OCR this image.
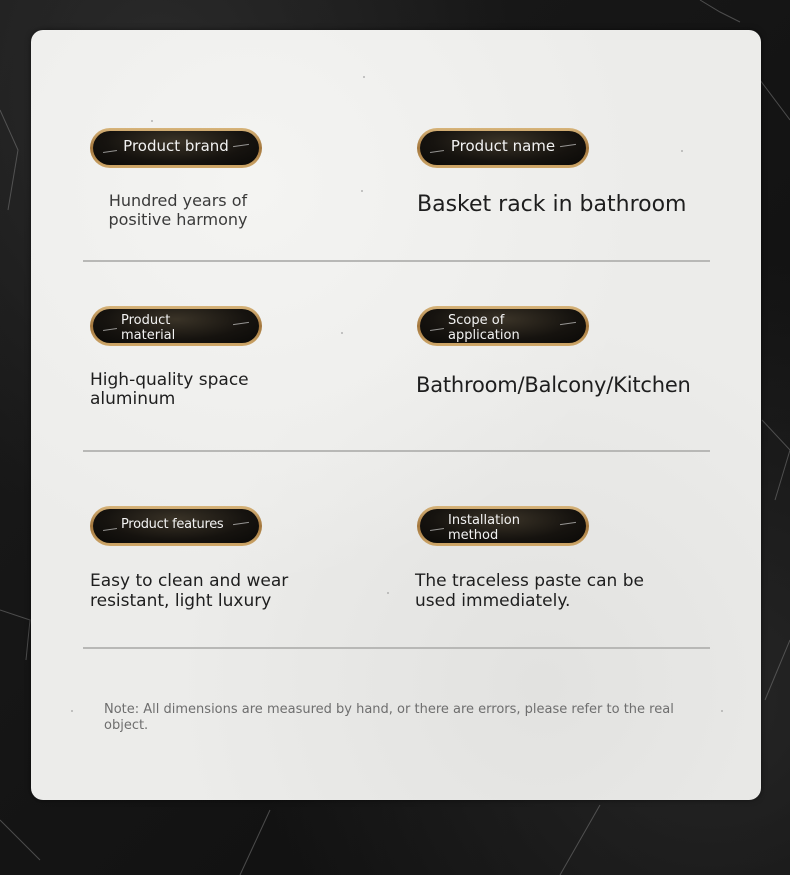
Product brand
Hundred years of
positive harmony
Product name
Basket rack in bathroom
Product
material
High-quality space
aluminum
Scope of
application
Bathroom/Balcony/Kitchen
Product features
Easy to clean and wear
resistant, light luxury
Installation
method
The traceless paste can be
used immediately.
Note: All dimensions are measured by hand, or there are errors, please refer to the real object.
